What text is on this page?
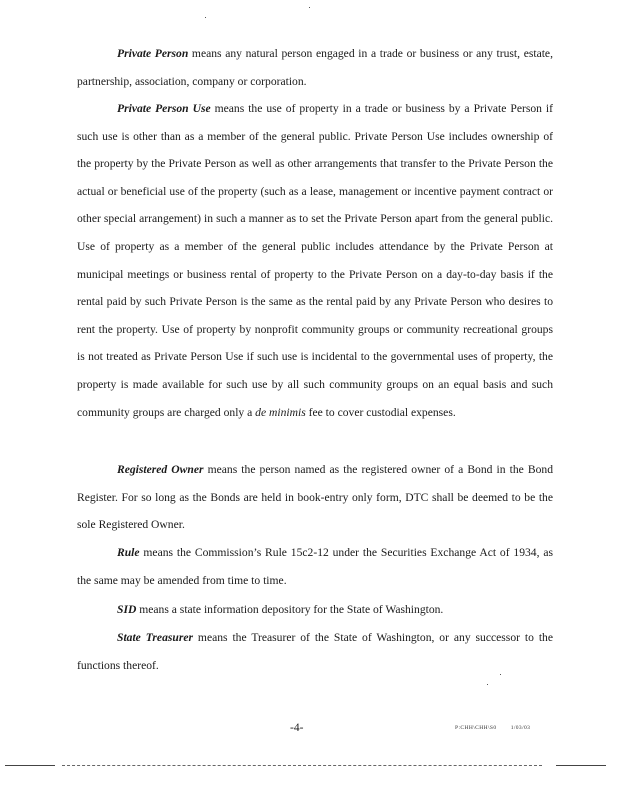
Private Person means any natural person engaged in a trade or business or any trust, estate, partnership, association, company or corporation.

Private Person Use means the use of property in a trade or business by a Private Person if such use is other than as a member of the general public. Private Person Use includes ownership of the property by the Private Person as well as other arrangements that transfer to the Private Person the actual or beneficial use of the property (such as a lease, management or incentive payment contract or other special arrangement) in such a manner as to set the Private Person apart from the general public. Use of property as a member of the general public includes attendance by the Private Person at municipal meetings or business rental of property to the Private Person on a day-to-day basis if the rental paid by such Private Person is the same as the rental paid by any Private Person who desires to rent the property. Use of property by nonprofit community groups or community recreational groups is not treated as Private Person Use if such use is incidental to the governmental uses of property, the property is made available for such use by all such community groups on an equal basis and such community groups are charged only a de minimis fee to cover custodial expenses.

Registered Owner means the person named as the registered owner of a Bond in the Bond Register. For so long as the Bonds are held in book-entry only form, DTC shall be deemed to be the sole Registered Owner.

Rule means the Commission’s Rule 15c2-12 under the Securities Exchange Act of 1934, as the same may be amended from time to time.

SID means a state information depository for the State of Washington.

State Treasurer means the Treasurer of the State of Washington, or any successor to the functions thereof.

-4-	P:CHH\CHH\S0	1/03/03
